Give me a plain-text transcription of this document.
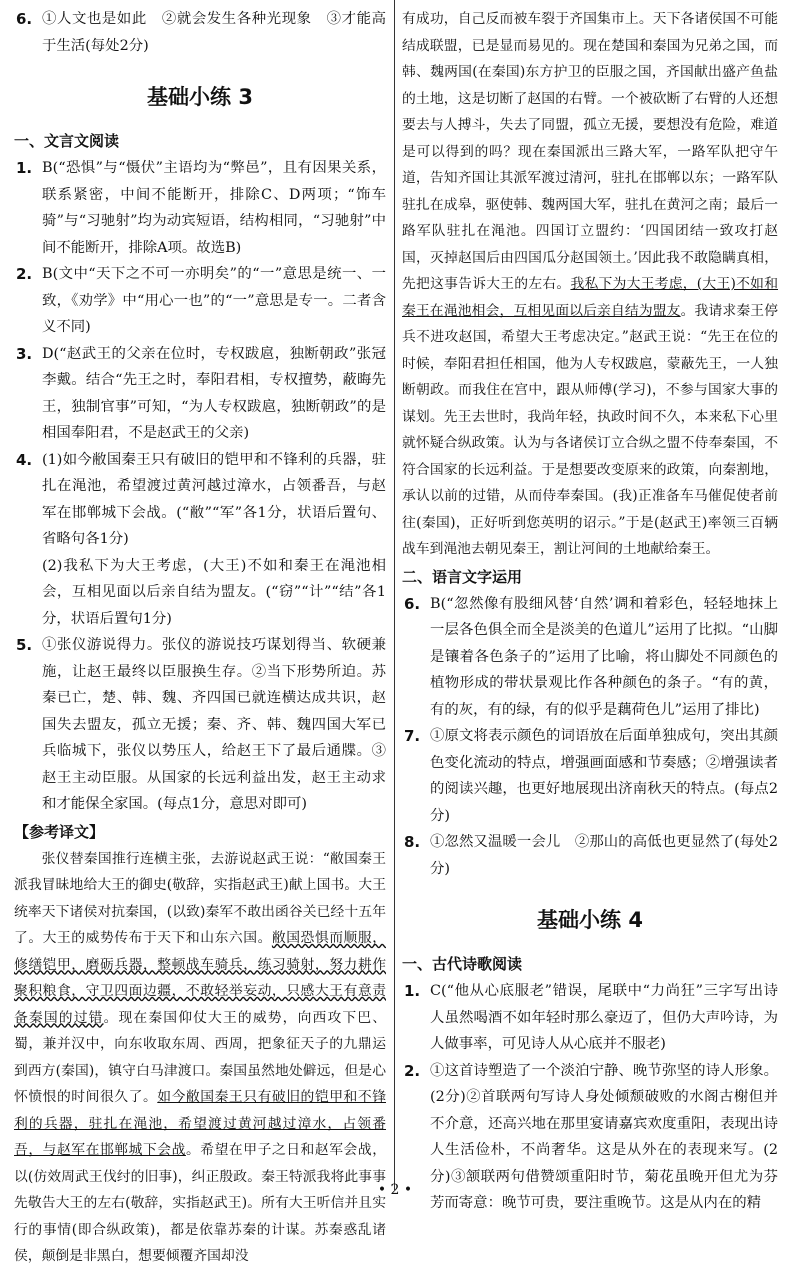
6. ①人文也是如此　②就会发生各种光现象　③才能高于生活(每处2分)

基础小练 3
一、文言文阅读
1. B(“恐惧”与“慑伏”主语均为“弊邑”，且有因果关系，联系紧密，中间不能断开，排除C、D两项；“饰车骑”与“习驰射”均为动宾短语，结构相同，“习驰射”中间不能断开，排除A项。故选B)

2. B(文中“天下之不可一亦明矣”的“一”意思是统一、一致，《劝学》中“用心一也”的“一”意思是专一。二者含义不同)

3. D(“赵武王的父亲在位时，专权跋扈，独断朝政”张冠李戴。结合“先王之时，奉阳君相，专权擅势，蔽晦先王，独制官事”可知，“为人专权跋扈，独断朝政”的是相国奉阳君，不是赵武王的父亲)

4. (1)如今敝国秦王只有破旧的铠甲和不锋利的兵器，驻扎在渑池，希望渡过黄河越过漳水，占领番吾，与赵军在邯郸城下会战。(“敝”“军”各1分，状语后置句、省略句各1分)

(2)我私下为大王考虑，(大王)不如和秦王在渑池相会，互相见面以后亲自结为盟友。(“窃”“计”“结”各1分，状语后置句1分)

5. ①张仪游说得力。张仪的游说技巧谋划得当、软硬兼施，让赵王最终以臣服换生存。②当下形势所迫。苏秦已亡，楚、韩、魏、齐四国已就连横达成共识，赵国失去盟友，孤立无援；秦、齐、韩、魏四国大军已兵临城下，张仪以势压人，给赵王下了最后通牒。③赵王主动臣服。从国家的长远利益出发，赵王主动求和才能保全家国。(每点1分，意思对即可)

【参考译文】

张仪替秦国推行连横主张，去游说赵武王说：“敝国秦王派我冒昧地给大王的御史(敬辞，实指赵武王)献上国书。大王统率天下诸侯对抗秦国，(以致)秦军不敢出函谷关已经十五年了。大王的威势传布于天下和山东六国。敝国恐惧而顺服，修缮铠甲，磨砺兵器，整顿战车骑兵，练习骑射，努力耕作聚积粮食，守卫四面边疆，不敢轻举妄动，只感大王有意责备秦国的过错。现在秦国仰仗大王的威势，向西攻下巴、蜀，兼并汉中，向东收取东周、西周，把象征天子的九鼎运到西方(秦国)，镇守白马津渡口。秦国虽然地处僻远，但是心怀愤恨的时间很久了。如今敝国秦王只有破旧的铠甲和不锋利的兵器，驻扎在渑池，希望渡过黄河越过漳水，占领番吾，与赵军在邯郸城下会战。希望在甲子之日和赵军会战，以(仿效周武王伐纣的旧事)，纠正殷政。秦王特派我将此事事先敬告大王的左右(敬辞，实指赵武王)。所有大王听信并且实行的事情(即合纵政策)，都是依靠苏秦的计谋。苏秦惑乱诸侯，颠倒是非黑白，想要倾覆齐国却没

有成功，自己反而被车裂于齐国集市上。天下各诸侯国不可能结成联盟，已是显而易见的。现在楚国和秦国为兄弟之国，而韩、魏两国(在秦国)东方护卫的臣服之国，齐国献出盛产鱼盐的土地，这是切断了赵国的右臂。一个被砍断了右臂的人还想要去与人搏斗，失去了同盟，孤立无援，要想没有危险，难道是可以得到的吗？现在秦国派出三路大军，一路军队把守午道，告知齐国让其派军渡过清河，驻扎在邯郸以东；一路军队驻扎在成皋，驱使韩、魏两国大军，驻扎在黄河之南；最后一路军队驻扎在渑池。四国订立盟约：‘四国团结一致攻打赵国，灭掉赵国后由四国瓜分赵国领土。’因此我不敢隐瞒真相，先把这事告诉大王的左右。我私下为大王考虑，(大王)不如和秦王在渑池相会，互相见面以后亲自结为盟友。我请求秦王停兵不进攻赵国，希望大王考虑决定。”赵武王说：“先王在位的时候，奉阳君担任相国，他为人专权跋扈，蒙蔽先王，一人独断朝政。而我住在宫中，跟从师傅(学习)，不参与国家大事的谋划。先王去世时，我尚年轻，执政时间不久，本来私下心里就怀疑合纵政策。认为与各诸侯订立合纵之盟不侍奉秦国，不符合国家的长远利益。于是想要改变原来的政策，向秦割地，承认以前的过错，从而侍奉秦国。(我)正准备车马催促使者前往(秦国)，正好听到您英明的诏示。”于是(赵武王)率领三百辆战车到渑池去朝见秦王，割让河间的土地献给秦王。

二、语言文字运用
6. B(“忽然像有股细风替‘自然’调和着彩色，轻轻地抹上一层各色俱全而全是淡美的色道儿”运用了比拟。“山脚是镶着各色条子的”运用了比喻，将山脚处不同颜色的植物形成的带状景观比作各种颜色的条子。“有的黄，有的灰，有的绿，有的似乎是藕荷色儿”运用了排比)

7. ①原文将表示颜色的词语放在后面单独成句，突出其颜色变化流动的特点，增强画面感和节奏感；②增强读者的阅读兴趣，也更好地展现出济南秋天的特点。(每点2分)

8. ①忽然又温暖一会儿　②那山的高低也更显然了(每处2分)

基础小练 4
一、古代诗歌阅读
1. C(“他从心底服老”错误，尾联中“力尚狂”三字写出诗人虽然喝酒不如年轻时那么豪迈了，但仍大声吟诗，为人做事率，可见诗人从心底并不服老)

2. ①这首诗塑造了一个淡泊宁静、晚节弥坚的诗人形象。(2分)②首联两句写诗人身处倾颓破败的水阁古榭但并不介意，还高兴地在那里宴请嘉宾欢度重阳，表现出诗人生活俭朴，不尚奢华。这是从外在的表现来写。(2分)③颔联两句借赞颂重阳时节，菊花虽晚开但尤为芬芳而寄意：晚节可贵，要注重晚节。这是从内在的精

• 2 •
